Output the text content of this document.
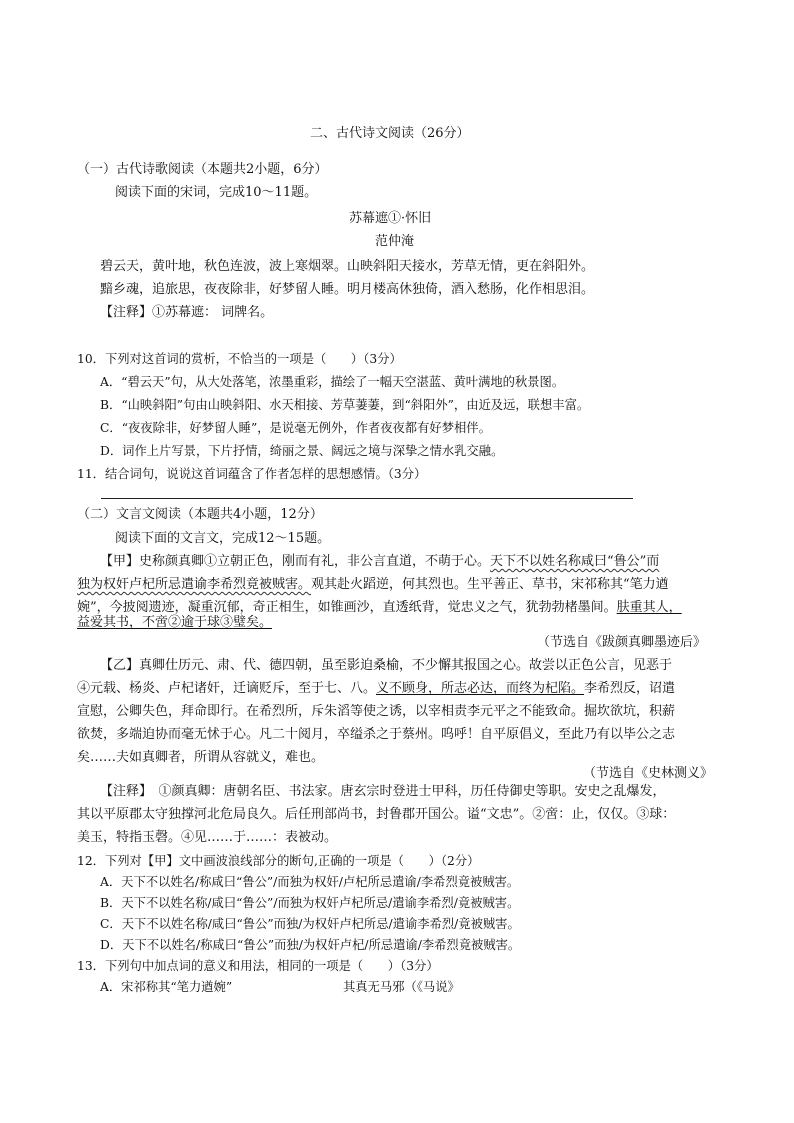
二、古代诗文阅读（26分）
（一）古代诗歌阅读（本题共2小题，6分）
阅读下面的宋词，完成10～11题。
苏幕遮①·怀旧
范仲淹
碧云天，黄叶地，秋色连波，波上寒烟翠。山映斜阳天接水，芳草无情，更在斜阳外。
黯乡魂，追旅思，夜夜除非，好梦留人睡。明月楼高休独倚，酒入愁肠，化作相思泪。
【注释】①苏幕遮： 词牌名。
10．下列对这首词的赏析，不恰当的一项是（　　）（3分）
A．“碧云天”句，从大处落笔，浓墨重彩，描绘了一幅天空湛蓝、黄叶满地的秋景图。
B．“山映斜阳”句由山映斜阳、水天相接、芳草萋萋，到“斜阳外”，由近及远，联想丰富。
C．“夜夜除非，好梦留人睡”，是说毫无例外，作者夜夜都有好梦相伴。
D．词作上片写景，下片抒情，绮丽之景、阔远之境与深挚之情水乳交融。
11．结合词句，说说这首词蕴含了作者怎样的思想感情。（3分）
（二）文言文阅读（本题共4小题，12分）
阅读下面的文言文，完成12～15题。
【甲】史称颜真卿①立朝正色，刚而有礼，非公言直道，不萌于心。天下不以姓名称咸曰“鲁公”而
独为权奸卢杞所忌遣谕李希烈竟被贼害。观其赴火蹈逆，何其烈也。生平善正、草书，宋祁称其“笔力遒
婉”，今披阅遗迹，凝重沉郁，奇正相生，如锥画沙，直透纸背，觉忠义之气，犹勃勃楮墨间。肤重其人，
益爱其书，不啻②逾于球③璧矣。
（节选自《跋颜真卿墨迹后》
【乙】真卿仕历元、肃、代、德四朝，虽至影迫桑榆，不少懈其报国之心。故尝以正色公言，见恶于
④元载、杨炎、卢杞诸奸，迁谪贬斥，至于七、八。义不顾身，所志必达，而终为杞陷。李希烈反，诏遣
宣慰，公卿失色，拜命即行。在希烈所，斥朱滔等使之诱，以宰相责李元平之不能致命。掘坎欲坑，积薪
欲焚，多端迫协而毫无怵于心。凡二十阅月，卒缢杀之于蔡州。呜呼！自平原倡义，至此乃有以毕公之志
矣……夫如真卿者，所谓从容就义，难也。
（节选自《史林测义》
【注释】　①颜真卿：唐朝名臣、书法家。唐玄宗时登进士甲科，历任侍御史等职。安史之乱爆发，
其以平原郡太守独撑河北危局良久。后任刑部尚书，封鲁郡开国公。谥“文忠”。②啻：止，仅仅。③球：
美玉，特指玉磬。④见……于……：表被动。
12．下列对【甲】文中画波浪线部分的断句,正确的一项是（　　）（2分）
A．天下不以姓名/称咸曰“鲁公”/而独为权奸/卢杞所忌遣谕/李希烈竟被贼害。
B．天下不以姓名称/咸曰“鲁公”/而独为权奸卢杞所忌/遣谕李希烈/竟被贼害。
C．天下不以姓名称/咸曰“鲁公”而独/为权奸卢杞所忌/遣谕李希烈/竟被贼害。
D．天下不以姓名/称咸曰“鲁公”而独/为权奸卢杞/所忌遣谕/李希烈竟被贼害。
13．下列句中加点词的意义和用法，相同的一项是（　　）（3分）
A．宋祁称其“笔力遒婉”	其真无马邪（《马说》
